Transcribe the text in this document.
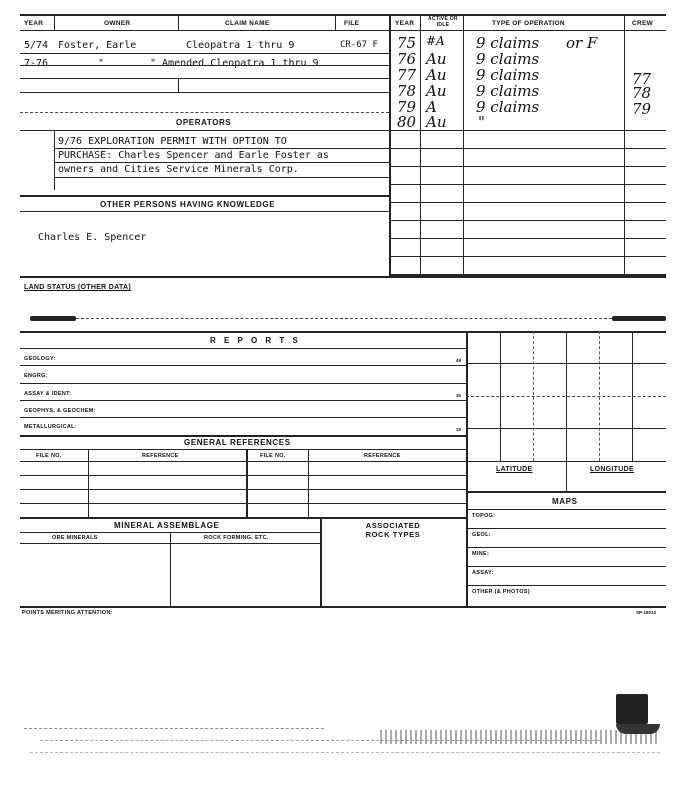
YEAR	OWNER	CLAIM NAME	FILE	YEAR
ACTIVE OR IDLE	TYPE OF OPERATION	CREW
5/74 Foster, Earle	Cleopatra 1 thru 9	CR-67 F
7-76	"	" Amended Cleopatra 1 thru 9
75 #A 9 claims or F
76 Au 9 claims
77 Au 9 claims	77
78 Au 9 claims	78
79 A	9 claims	79
80 Au "
OPERATORS
9/76 EXPLORATION PERMIT WITH OPTION TO
PURCHASE: Charles Spencer and Earle Foster as
owners and Cities Service Minerals Corp.
OTHER PERSONS HAVING KNOWLEDGE
Charles E. Spencer
LAND STATUS (OTHER DATA)
R E P O R T S
GEOLOGY:	49
ENGRG:
ASSAY & IDENT:	30
GEOPHYS. & GEOCHEM:
METALLURGICAL:	15
GENERAL REFERENCES
FILE NO.	REFERENCE	FILE NO.	REFERENCE
LATITUDE	LONGITUDE
MAPS
TOPOG:
GEOL:
MINE:
ASSAY:
OTHER (& PHOTOS)
MINERAL ASSEMBLAGE
ORE MINERALS	ROCK FORMING, ETC.
ASSOCIATED ROCK TYPES
POINTS MERITING ATTENTION:	SP-16013
